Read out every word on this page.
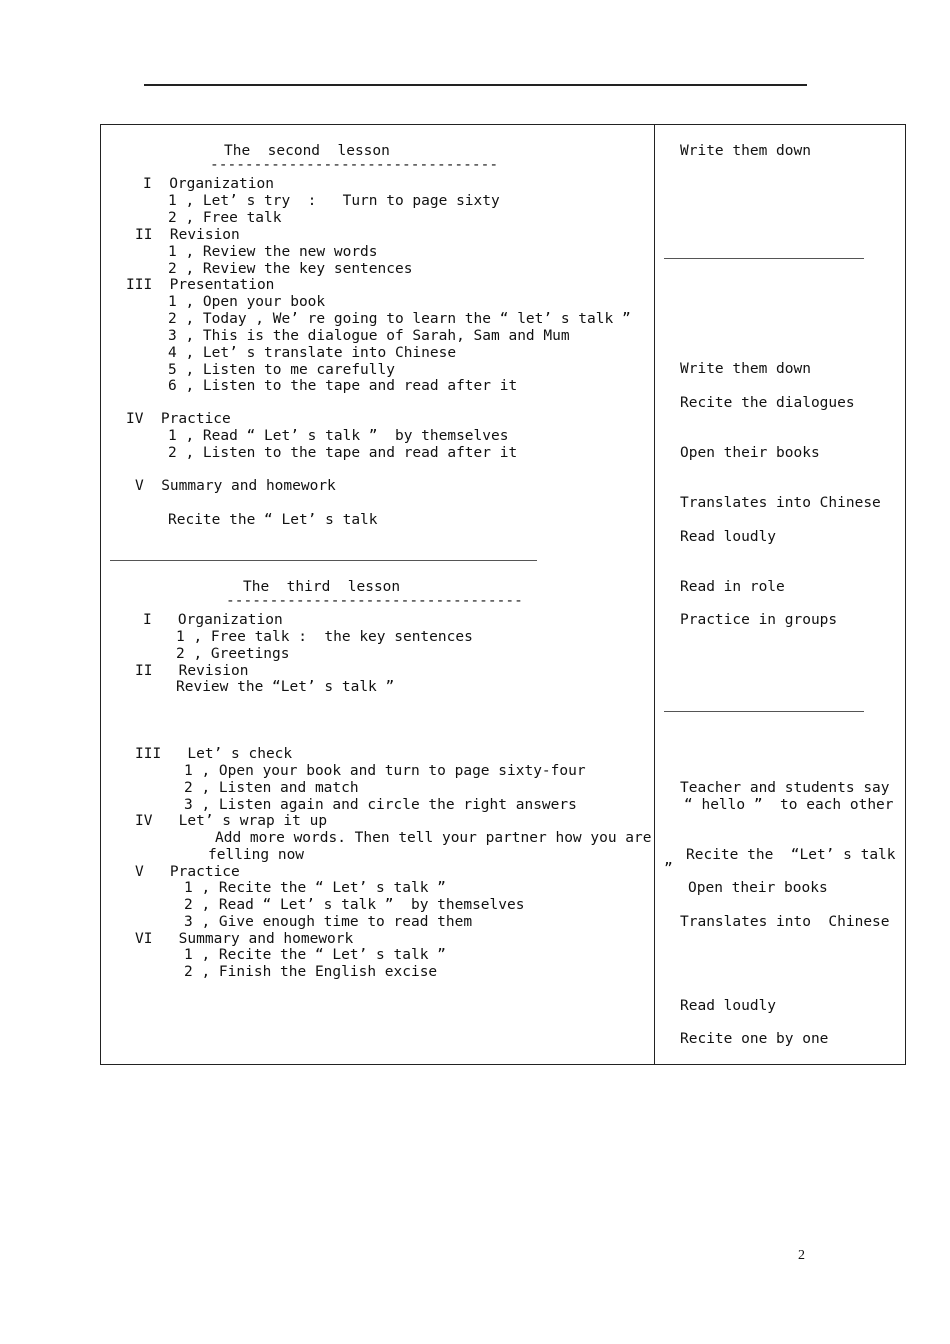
The  second  lesson
---------------------------------
I  Organization
1 , Let’ s try  :   Turn to page sixty
2 , Free talk
II  Revision
1 , Review the new words
2 , Review the key sentences
III  Presentation
1 , Open your book
2 , Today , We’ re going to learn the “ let’ s talk ”
3 , This is the dialogue of Sarah, Sam and Mum
4 , Let’ s translate into Chinese
5 , Listen to me carefully
6 , Listen to the tape and read after it
IV  Practice
1 , Read “ Let’ s talk ”  by themselves
2 , Listen to the tape and read after it
V  Summary and homework
Recite the “ Let’ s talk
The  third  lesson
----------------------------------
I   Organization
1 , Free talk :  the key sentences
2 , Greetings
II   Revision
Review the “Let’ s talk ”
III   Let’ s check
1 , Open your book and turn to page sixty-four
2 , Listen and match
3 , Listen again and circle the right answers
IV   Let’ s wrap it up
Add more words. Then tell your partner how you are
felling now
V   Practice
1 , Recite the “ Let’ s talk ”
2 , Read “ Let’ s talk ”  by themselves
3 , Give enough time to read them
VI   Summary and homework
1 , Recite the “ Let’ s talk ”
2 , Finish the English excise
Write them down
Write them down
Recite the dialogues
Open their books
Translates into Chinese
Read loudly
Read in role
Practice in groups
Teacher and students say
“ hello ”  to each other
Recite the  “Let’ s talk
”
Open their books
Translates into  Chinese
Read loudly
Recite one by one
2
